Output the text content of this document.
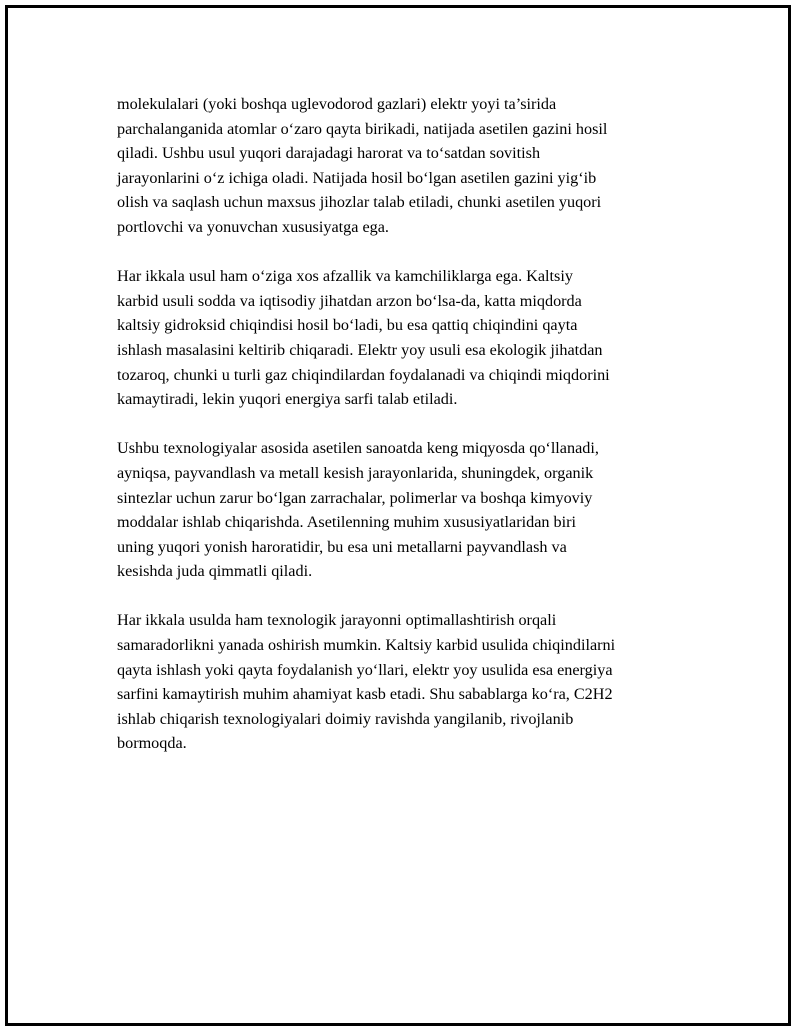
molekulalari (yoki boshqa uglevodorod gazlari) elektr yoyi ta’sirida
parchalanganida atomlar o‘zaro qayta birikadi, natijada asetilen gazini hosil
qiladi. Ushbu usul yuqori darajadagi harorat va to‘satdan sovitish
jarayonlarini o‘z ichiga oladi. Natijada hosil bo‘lgan asetilen gazini yig‘ib
olish va saqlash uchun maxsus jihozlar talab etiladi, chunki asetilen yuqori
portlovchi va yonuvchan xususiyatga ega.

Har ikkala usul ham o‘ziga xos afzallik va kamchiliklarga ega. Kaltsiy
karbid usuli sodda va iqtisodiy jihatdan arzon bo‘lsa-da, katta miqdorda
kaltsiy gidroksid chiqindisi hosil bo‘ladi, bu esa qattiq chiqindini qayta
ishlash masalasini keltirib chiqaradi. Elektr yoy usuli esa ekologik jihatdan
tozaroq, chunki u turli gaz chiqindilardan foydalanadi va chiqindi miqdorini
kamaytiradi, lekin yuqori energiya sarfi talab etiladi.

Ushbu texnologiyalar asosida asetilen sanoatda keng miqyosda qo‘llanadi,
ayniqsa, payvandlash va metall kesish jarayonlarida, shuningdek, organik
sintezlar uchun zarur bo‘lgan zarrachalar, polimerlar va boshqa kimyoviy
moddalar ishlab chiqarishda. Asetilenning muhim xususiyatlaridan biri
uning yuqori yonish haroratidir, bu esa uni metallarni payvandlash va
kesishda juda qimmatli qiladi.

Har ikkala usulda ham texnologik jarayonni optimallashtirish orqali
samaradorlikni yanada oshirish mumkin. Kaltsiy karbid usulida chiqindilarni
qayta ishlash yoki qayta foydalanish yo‘llari, elektr yoy usulida esa energiya
sarfini kamaytirish muhim ahamiyat kasb etadi. Shu sabablarga ko‘ra, C2H2
ishlab chiqarish texnologiyalari doimiy ravishda yangilanib, rivojlanib
bormoqda.
